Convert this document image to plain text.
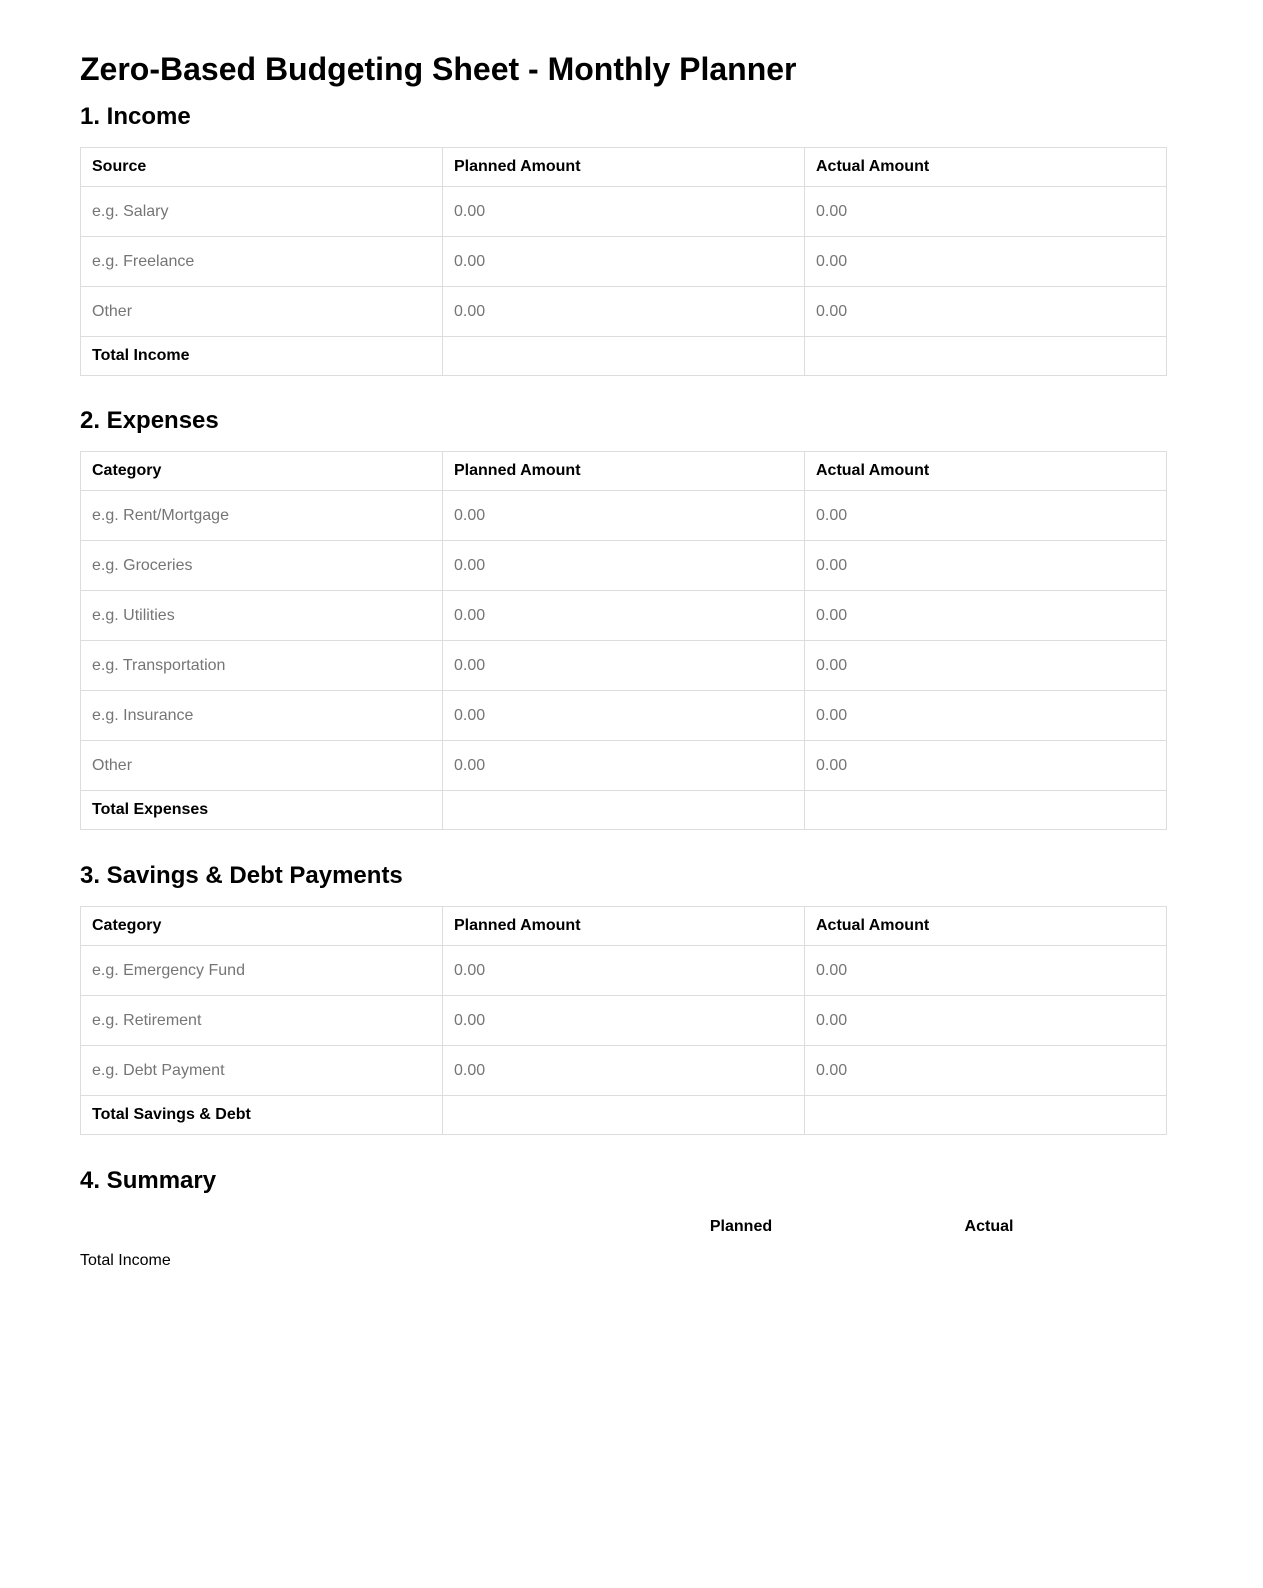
Zero-Based Budgeting Sheet - Monthly Planner
1. Income
Source	Planned Amount	Actual Amount
e.g. Salary	0.00	0.00
e.g. Freelance	0.00	0.00
Other	0.00	0.00
Total Income		
2. Expenses
Category	Planned Amount	Actual Amount
e.g. Rent/Mortgage	0.00	0.00
e.g. Groceries	0.00	0.00
e.g. Utilities	0.00	0.00
e.g. Transportation	0.00	0.00
e.g. Insurance	0.00	0.00
Other	0.00	0.00
Total Expenses		
3. Savings & Debt Payments
Category	Planned Amount	Actual Amount
e.g. Emergency Fund	0.00	0.00
e.g. Retirement	0.00	0.00
e.g. Debt Payment	0.00	0.00
Total Savings & Debt		
4. Summary
	Planned	Actual	
Total Income			
